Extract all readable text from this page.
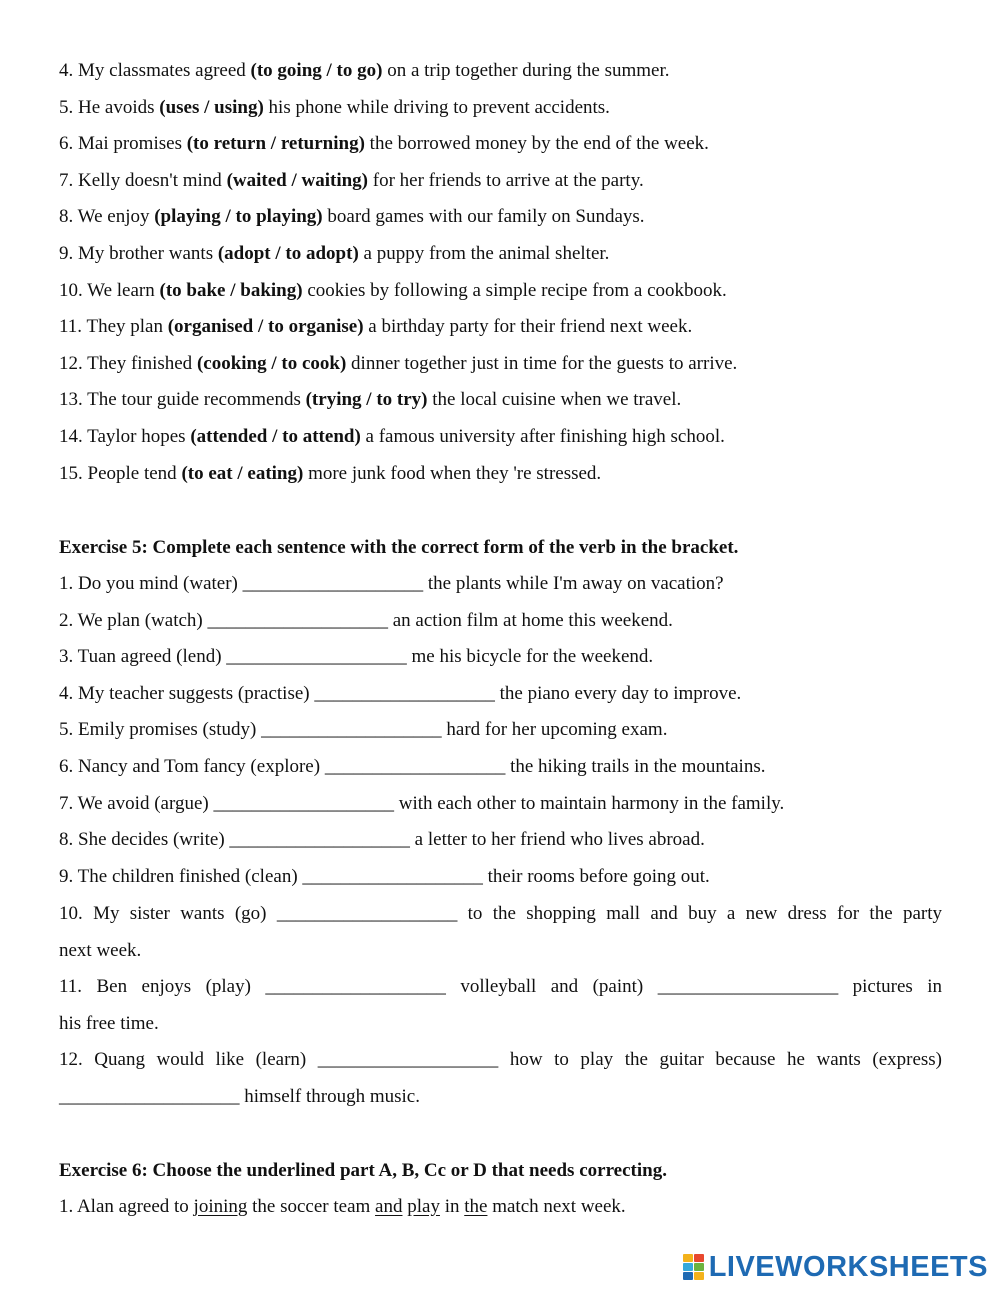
4. My classmates agreed (to going / to go) on a trip together during the summer.
5. He avoids (uses / using) his phone while driving to prevent accidents.
6. Mai promises (to return / returning) the borrowed money by the end of the week.
7. Kelly doesn't mind (waited / waiting) for her friends to arrive at the party.
8. We enjoy (playing / to playing) board games with our family on Sundays.
9. My brother wants (adopt / to adopt) a puppy from the animal shelter.
10. We learn (to bake / baking) cookies by following a simple recipe from a cookbook.
11. They plan (organised / to organise) a birthday party for their friend next week.
12. They finished (cooking / to cook) dinner together just in time for the guests to arrive.
13. The tour guide recommends (trying / to try) the local cuisine when we travel.
14. Taylor hopes (attended / to attend) a famous university after finishing high school.
15. People tend (to eat / eating) more junk food when they 're stressed.
Exercise 5: Complete each sentence with the correct form of the verb in the bracket.
1. Do you mind (water) ___________________ the plants while I'm away on vacation?
2. We plan (watch) ___________________ an action film at home this weekend.
3. Tuan agreed (lend) ___________________ me his bicycle for the weekend.
4. My teacher suggests (practise) ___________________ the piano every day to improve.
5. Emily promises (study) ___________________ hard for her upcoming exam.
6. Nancy and Tom fancy (explore) ___________________ the hiking trails in the mountains.
7. We avoid (argue) ___________________ with each other to maintain harmony in the family.
8. She decides (write) ___________________ a letter to her friend who lives abroad.
9. The children finished (clean) ___________________ their rooms before going out.
10. My sister wants (go) ___________________ to the shopping mall and buy a new dress for the party
next week.
11. Ben enjoys (play) ___________________ volleyball and (paint) ___________________ pictures in
his free time.
12. Quang would like (learn) ___________________ how to play the guitar because he wants (express)
___________________ himself through music.
Exercise 6: Choose the underlined part A, B, Cc or D that needs correcting.
1. Alan agreed to joining the soccer team and play in the match next week.
LIVEWORKSHEETS
